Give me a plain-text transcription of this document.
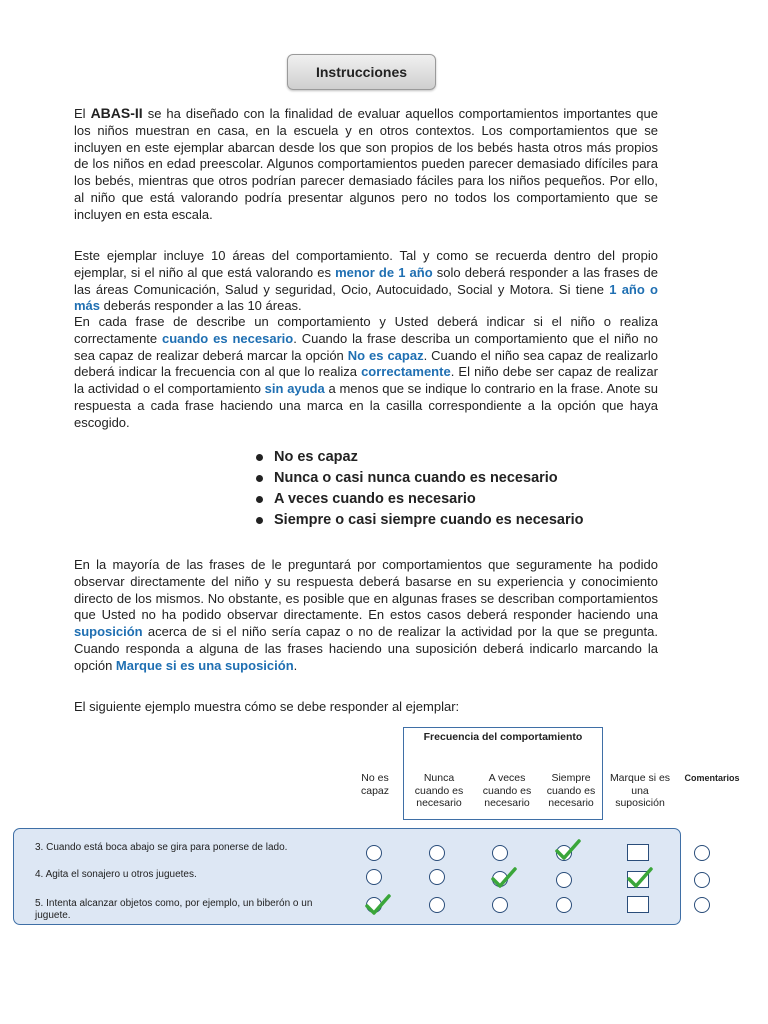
Instrucciones
El ABAS-II se ha diseñado con la finalidad de evaluar aquellos comportamientos importantes que los niños muestran en casa, en la escuela y en otros contextos. Los comportamientos que se incluyen en este ejemplar abarcan desde los que son propios de los bebés hasta otros más propios de los niños en edad preescolar. Algunos comportamientos pueden parecer demasiado difíciles para los bebés, mientras que otros podrían parecer demasiado fáciles para los niños pequeños. Por ello, al niño que está valorando podría presentar algunos pero no todos los comportamiento que se incluyen en esta escala.
Este ejemplar incluye 10 áreas del comportamiento. Tal y como se recuerda dentro del propio ejemplar, si el niño al que está valorando es menor de 1 año solo deberá responder a las frases de las áreas Comunicación, Salud y seguridad, Ocio, Autocuidado, Social y Motora. Si tiene 1 año o más deberás responder a las 10 áreas.
En cada frase de describe un comportamiento y Usted deberá indicar si el niño o realiza correctamente cuando es necesario. Cuando la frase describa un comportamiento que el niño no sea capaz de realizar deberá marcar la opción No es capaz. Cuando el niño sea capaz de realizarlo deberá indicar la frecuencia con al que lo realiza correctamente. El niño debe ser capaz de realizar la actividad o el comportamiento sin ayuda a menos que se indique lo contrario en la frase. Anote su respuesta a cada frase haciendo una marca en la casilla correspondiente a la opción que haya escogido.
No es capaz
Nunca o casi nunca cuando es necesario
A veces cuando es necesario
Siempre o casi siempre cuando es necesario
En la mayoría de las frases de le preguntará por comportamientos que seguramente ha podido observar directamente del niño y su respuesta deberá basarse en su experiencia y conocimiento directo de los mismos. No obstante, es posible que en algunas frases se describan comportamientos que Usted no ha podido observar directamente. En estos casos deberá responder haciendo una suposición acerca de si el niño sería capaz o no de realizar la actividad por la que se pregunta. Cuando responda a alguna de las frases haciendo una suposición deberá indicarlo marcando la opción Marque si es una suposición.
El siguiente ejemplo muestra cómo se debe responder al ejemplar:
Frecuencia del comportamiento
No es capaz
Nunca cuando es necesario
A veces cuando es necesario
Siempre cuando es necesario
Marque si es una suposición
Comentarios
3. Cuando está boca abajo se gira para ponerse de lado.
4. Agita el sonajero u otros juguetes.
5. Intenta alcanzar objetos como, por ejemplo, un biberón o un juguete.
